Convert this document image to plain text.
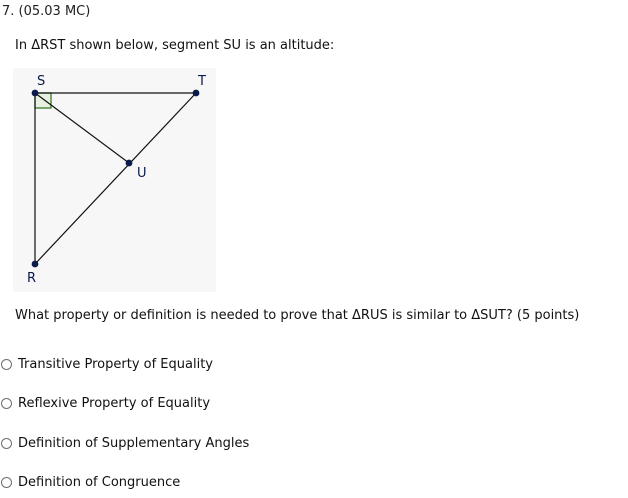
7. (05.03 MC)
In ΔRST shown below, segment SU is an altitude:
S	T
U
R
What property or definition is needed to prove that ΔRUS is similar to ΔSUT? (5 points)
Transitive Property of Equality
Reflexive Property of Equality
Definition of Supplementary Angles
Definition of Congruence
